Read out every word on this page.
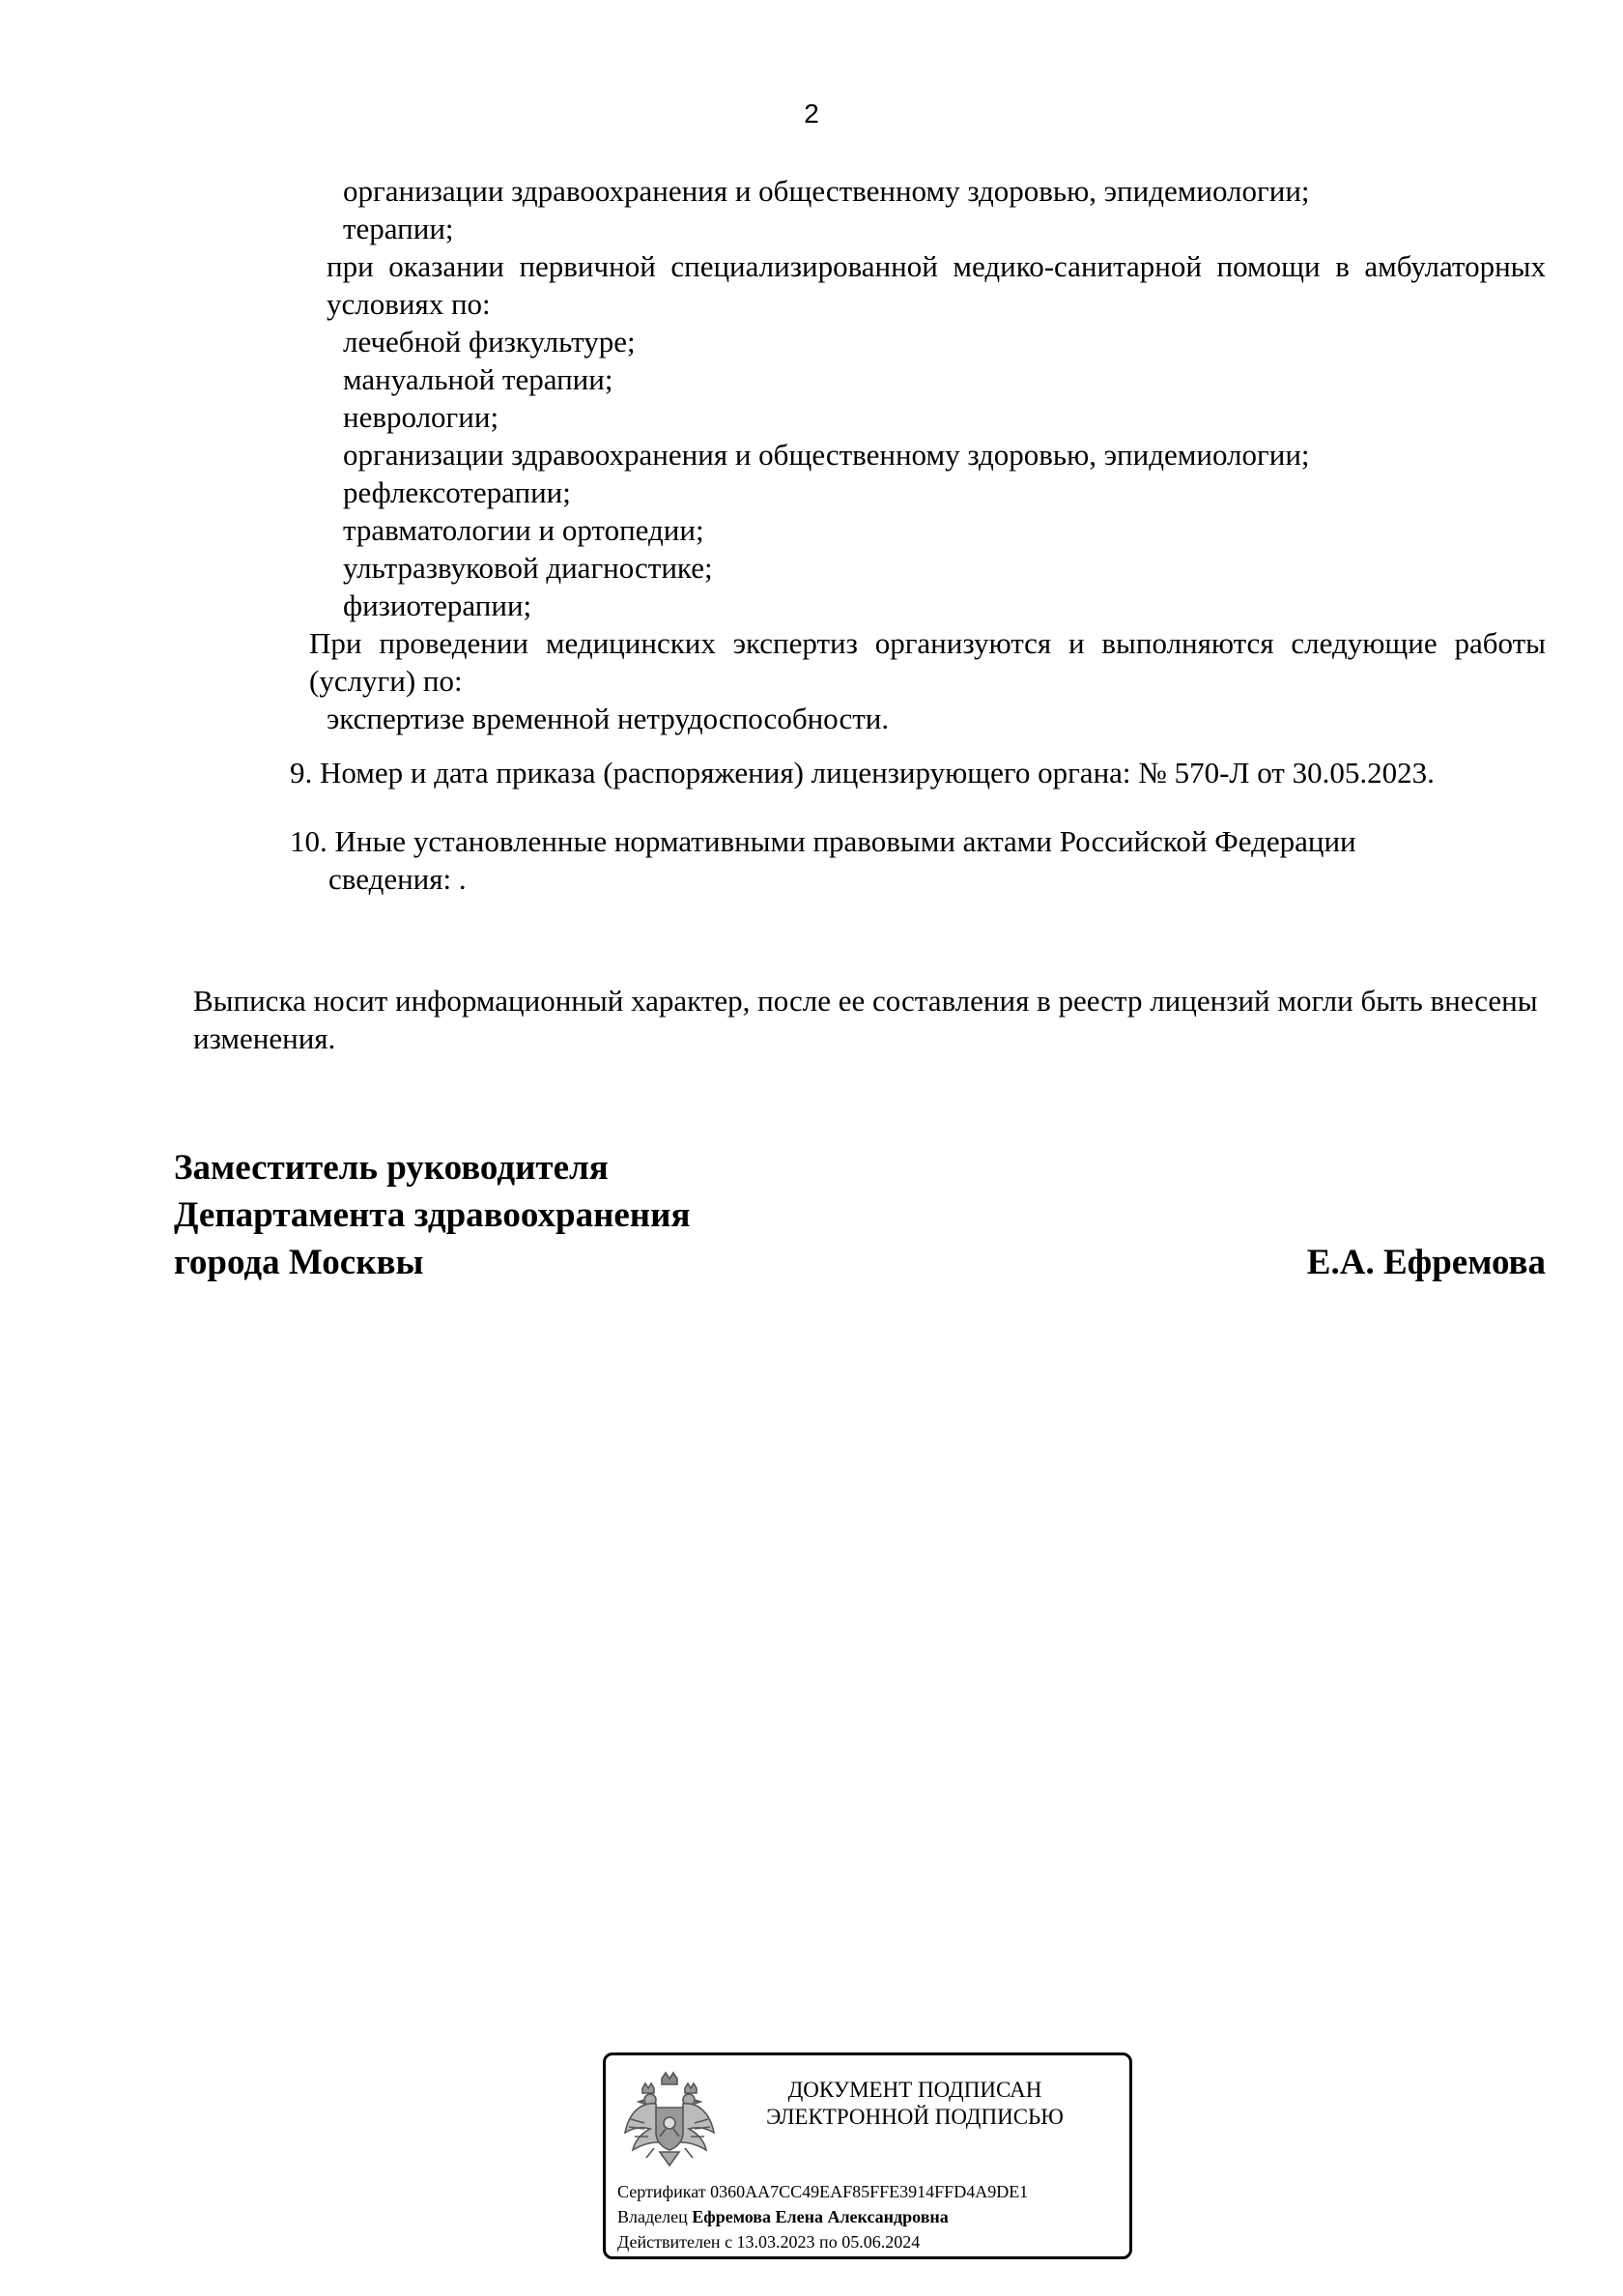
2
организации здравоохранения и общественному здоровью, эпидемиологии;
терапии;
при оказании первичной специализированной медико-санитарной помощи в амбулаторных условиях по:
лечебной физкультуре;
мануальной терапии;
неврологии;
организации здравоохранения и общественному здоровью, эпидемиологии;
рефлексотерапии;
травматологии и ортопедии;
ультразвуковой диагностике;
физиотерапии;
При проведении медицинских экспертиз организуются и выполняются следующие работы (услуги) по:
экспертизе временной нетрудоспособности.
9. Номер и дата приказа (распоряжения) лицензирующего органа: № 570-Л от 30.05.2023.
10. Иные установленные нормативными правовыми актами Российской Федерации
сведения: .
Выписка носит информационный характер, после ее составления в реестр лицензий могли быть внесены изменения.
Заместитель руководителя
Департамента здравоохранения
города Москвы	Е.А. Ефремова
ДОКУМЕНТ ПОДПИСАН
ЭЛЕКТРОННОЙ ПОДПИСЬЮ
Сертификат 0360AA7CC49EAF85FFE3914FFD4A9DE1
Владелец Ефремова Елена Александровна
Действителен с 13.03.2023 по 05.06.2024
